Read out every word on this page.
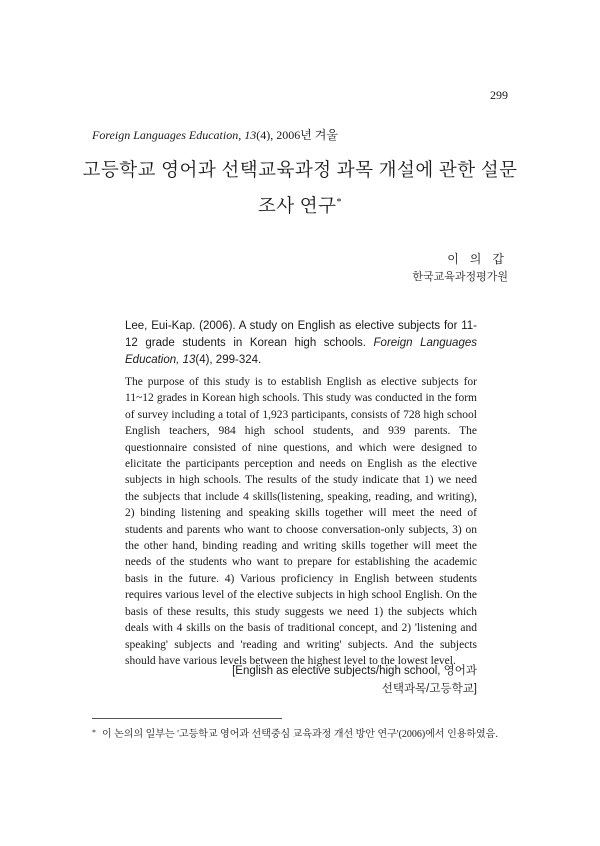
299
Foreign Languages Education, 13(4), 2006년 겨울
고등학교 영어과 선택교육과정 과목 개설에 관한 설문
조사 연구*
이 의 갑
한국교육과정평가원
Lee, Eui-Kap. (2006). A study on English as elective subjects for 11-12 grade students in Korean high schools. Foreign Languages Education, 13(4), 299-324.
The purpose of this study is to establish English as elective subjects for 11~12 grades in Korean high schools. This study was conducted in the form of survey including a total of 1,923 participants, consists of 728 high school English teachers, 984 high school students, and 939 parents. The questionnaire consisted of nine questions, and which were designed to elicitate the participants perception and needs on English as the elective subjects in high schools. The results of the study indicate that 1) we need the subjects that include 4 skills(listening, speaking, reading, and writing), 2) binding listening and speaking skills together will meet the need of students and parents who want to choose conversation-only subjects, 3) on the other hand, binding reading and writing skills together will meet the needs of the students who want to prepare for establishing the academic basis in the future. 4) Various proficiency in English between students requires various level of the elective subjects in high school English. On the basis of these results, this study suggests we need 1) the subjects which deals with 4 skills on the basis of traditional concept, and 2) 'listening and speaking' subjects and 'reading and writing' subjects. And the subjects should have various levels between the highest level to the lowest level.
[English as elective subjects/high school, 영어과
선택과목/고등학교]
* 이 논의의 일부는 '고등학교 영어과 선택중심 교육과정 개선 방안 연구'(2006)에서 인용하였음.
